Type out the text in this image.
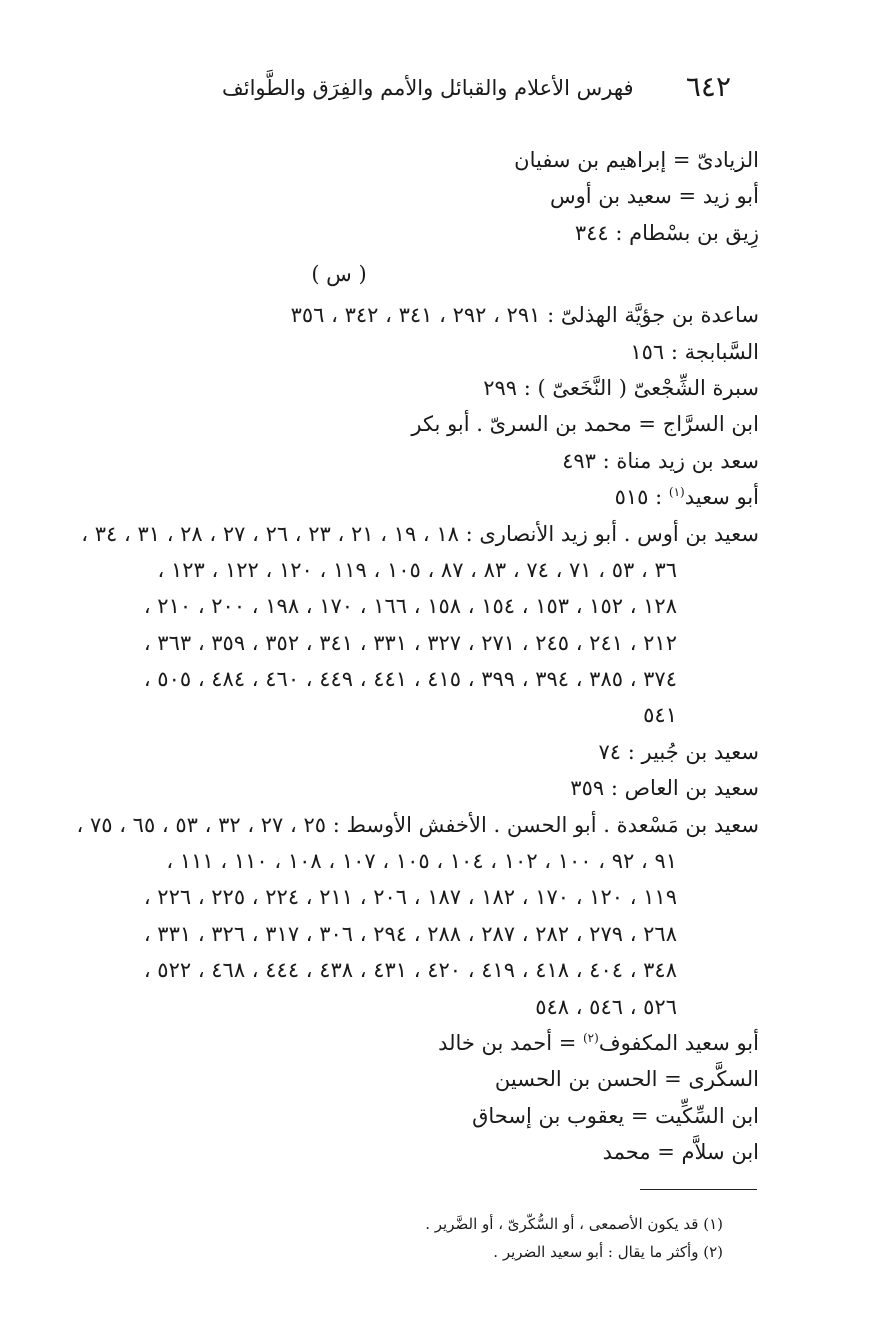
٦٤٢
فهرس الأعلام والقبائل والأمم والفِرَق والطَّوائف
الزيادىّ = إبراهيم بن سفيان
أبو زيد = سعيد بن أوس
زِيق بن بسْطام : ٣٤٤
( س )
ساعدة بن جؤيَّة الهذلىّ : ٢٩١ ، ٢٩٢ ، ٣٤١ ، ٣٤٢ ، ٣٥٦
السَّبابجة : ١٥٦
سبرة الشِّجْعىّ ( النَّخَعىّ ) : ٢٩٩
ابن السرَّاج = محمد بن السرىّ . أبو بكر
سعد بن زيد مناة : ٤٩٣
أبو سعيد$^{(١)}$ : ٥١٥
سعيد بن أوس . أبو زيد الأنصارى : ١٨ ، ١٩ ، ٢١ ، ٢٣ ، ٢٦ ، ٢٧ ، ٢٨ ، ٣١ ، ٣٤ ،
٣٦ ، ٥٣ ، ٧١ ، ٧٤ ، ٨٣ ، ٨٧ ، ١٠٥ ، ١١٩ ، ١٢٠ ، ١٢٢ ، ١٢٣ ،
١٢٨ ، ١٥٢ ، ١٥٣ ، ١٥٤ ، ١٥٨ ، ١٦٦ ، ١٧٠ ، ١٩٨ ، ٢٠٠ ، ٢١٠ ،
٢١٢ ، ٢٤١ ، ٢٤٥ ، ٢٧١ ، ٣٢٧ ، ٣٣١ ، ٣٤١ ، ٣٥٢ ، ٣٥٩ ، ٣٦٣ ،
٣٧٤ ، ٣٨٥ ، ٣٩٤ ، ٣٩٩ ، ٤١٥ ، ٤٤١ ، ٤٤٩ ، ٤٦٠ ، ٤٨٤ ، ٥٠٥ ،
٥٤١
سعيد بن جُبير : ٧٤
سعيد بن العاص : ٣٥٩
سعيد بن مَسْعدة . أبو الحسن . الأخفش الأوسط : ٢٥ ، ٢٧ ، ٣٢ ، ٥٣ ، ٦٥ ، ٧٥ ،
٩١ ، ٩٢ ، ١٠٠ ، ١٠٢ ، ١٠٤ ، ١٠٥ ، ١٠٧ ، ١٠٨ ، ١١٠ ، ١١١ ،
١١٩ ، ١٢٠ ، ١٧٠ ، ١٨٢ ، ١٨٧ ، ٢٠٦ ، ٢١١ ، ٢٢٤ ، ٢٢٥ ، ٢٢٦ ،
٢٦٨ ، ٢٧٩ ، ٢٨٢ ، ٢٨٧ ، ٢٨٨ ، ٢٩٤ ، ٣٠٦ ، ٣١٧ ، ٣٢٦ ، ٣٣١ ،
٣٤٨ ، ٤٠٤ ، ٤١٨ ، ٤١٩ ، ٤٢٠ ، ٤٣١ ، ٤٣٨ ، ٤٤٤ ، ٤٦٨ ، ٥٢٢ ،
٥٢٦ ، ٥٤٦ ، ٥٤٨
أبو سعيد المكفوف$^{(٢)}$ = أحمد بن خالد
السكَّرى = الحسن بن الحسين
ابن السِّكِّيت = يعقوب بن إسحاق
ابن سلاَّم = محمد
(١) قد يكون الأصمعى ، أو السُّكّرىّ ، أو الضَّرير .
(٢) وأكثر ما يقال : أبو سعيد الضرير .
